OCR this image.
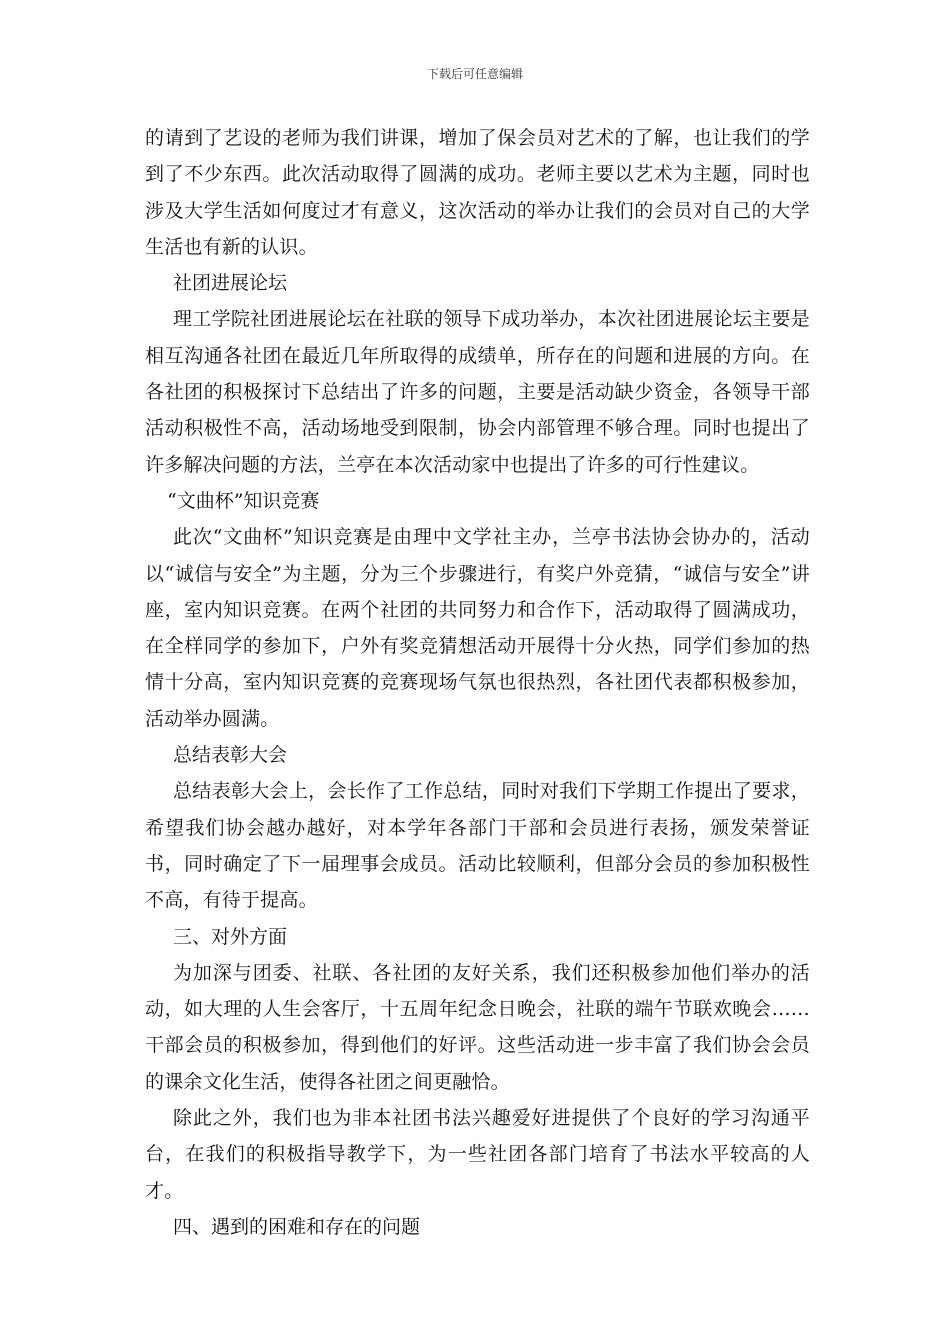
下载后可任意编辑

的请到了艺设的老师为我们讲课，增加了保会员对艺术的了解，也让我们的学到了不少东西。此次活动取得了圆满的成功。老师主要以艺术为主题，同时也涉及大学生活如何度过才有意义，这次活动的举办让我们的会员对自己的大学生活也有新的认识。

社团进展论坛

理工学院社团进展论坛在社联的领导下成功举办，本次社团进展论坛主要是相互沟通各社团在最近几年所取得的成绩单，所存在的问题和进展的方向。在各社团的积极探讨下总结出了许多的问题，主要是活动缺少资金，各领导干部活动积极性不高，活动场地受到限制，协会内部管理不够合理。同时也提出了许多解决问题的方法，兰亭在本次活动家中也提出了许多的可行性建议。

“文曲杯”知识竞赛

此次“文曲杯”知识竞赛是由理中文学社主办，兰亭书法协会协办的，活动以“诚信与安全”为主题，分为三个步骤进行，有奖户外竞猜，“诚信与安全”讲座，室内知识竞赛。在两个社团的共同努力和合作下，活动取得了圆满成功，在全样同学的参加下，户外有奖竞猜想活动开展得十分火热，同学们参加的热情十分高，室内知识竞赛的竞赛现场气氛也很热烈，各社团代表都积极参加，活动举办圆满。

总结表彰大会

总结表彰大会上，会长作了工作总结，同时对我们下学期工作提出了要求，希望我们协会越办越好，对本学年各部门干部和会员进行表扬，颁发荣誉证书，同时确定了下一届理事会成员。活动比较顺利，但部分会员的参加积极性不高，有待于提高。

三、对外方面

为加深与团委、社联、各社团的友好关系，我们还积极参加他们举办的活动，如大理的人生会客厅，十五周年纪念日晚会，社联的端午节联欢晚会……干部会员的积极参加，得到他们的好评。这些活动进一步丰富了我们协会会员的课余文化生活，使得各社团之间更融恰。

除此之外，我们也为非本社团书法兴趣爱好进提供了个良好的学习沟通平台，在我们的积极指导教学下，为一些社团各部门培育了书法水平较高的人才。

四、遇到的困难和存在的问题
